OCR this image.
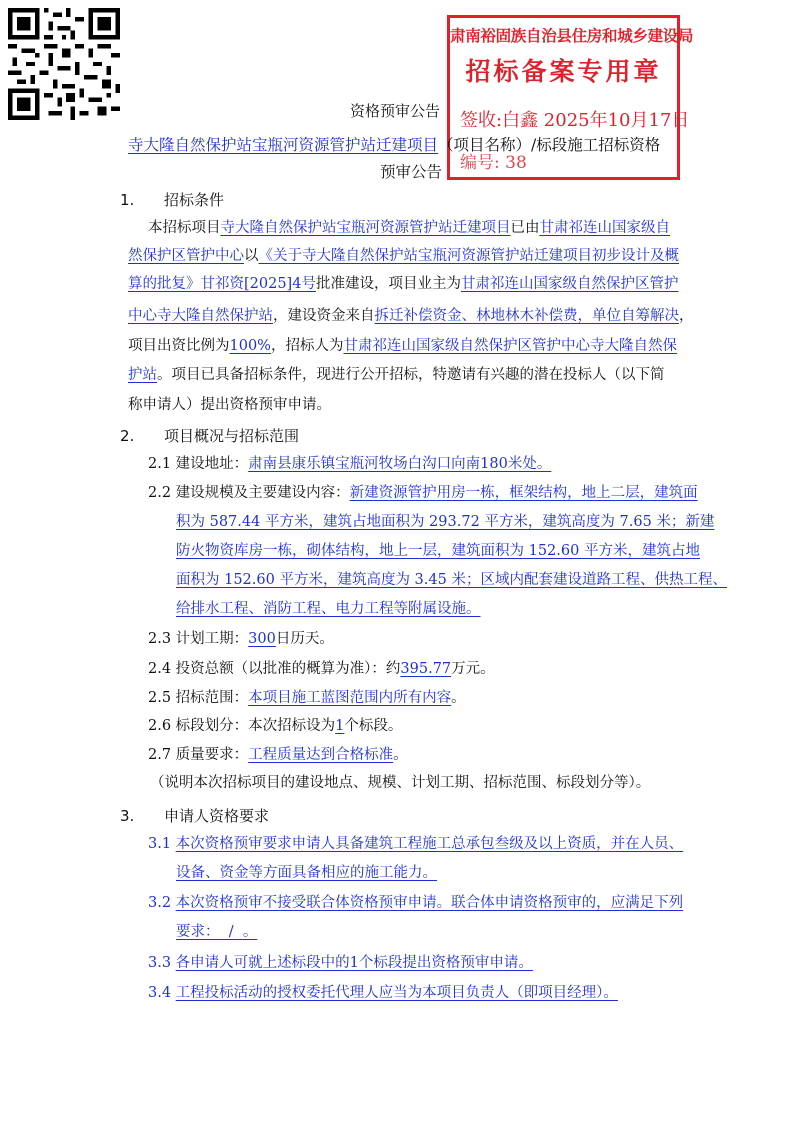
肃南裕固族自治县住房和城乡建设局
招标备案专用章
签收:白鑫 2025年10月17日
编号: 38
资格预审公告
寺大隆自然保护站宝瓶河资源管护站迁建项目（项目名称）/标段施工招标资格
预审公告
1. 招标条件
本招标项目寺大隆自然保护站宝瓶河资源管护站迁建项目已由甘肃祁连山国家级自
然保护区管护中心以《关于寺大隆自然保护站宝瓶河资源管护站迁建项目初步设计及概
算的批复》甘祁资[2025]4号批准建设，项目业主为甘肃祁连山国家级自然保护区管护
中心寺大隆自然保护站，建设资金来自拆迁补偿资金、林地林木补偿费，单位自筹解决，
项目出资比例为100%，招标人为甘肃祁连山国家级自然保护区管护中心寺大隆自然保
护站。项目已具备招标条件，现进行公开招标，特邀请有兴趣的潜在投标人（以下简
称申请人）提出资格预审申请。
2. 项目概况与招标范围
2.1 建设地址：肃南县康乐镇宝瓶河牧场白沟口向南180米处。
2.2 建设规模及主要建设内容：新建资源管护用房一栋，框架结构，地上二层，建筑面
积为 587.44 平方米，建筑占地面积为 293.72 平方米，建筑高度为 7.65 米；新建
防火物资库房一栋，砌体结构，地上一层，建筑面积为 152.60 平方米，建筑占地
面积为 152.60 平方米，建筑高度为 3.45 米；区域内配套建设道路工程、供热工程、
给排水工程、消防工程、电力工程等附属设施。
2.3 计划工期：300日历天。
2.4 投资总额（以批准的概算为准）：约395.77万元。
2.5 招标范围：本项目施工蓝图范围内所有内容。
2.6 标段划分：本次招标设为1个标段。
2.7 质量要求：工程质量达到合格标准。
（说明本次招标项目的建设地点、规模、计划工期、招标范围、标段划分等）。
3. 申请人资格要求
3.1 本次资格预审要求申请人具备建筑工程施工总承包叁级及以上资质，并在人员、
设备、资金等方面具备相应的施工能力。
3.2 本次资格预审不接受联合体资格预审申请。联合体申请资格预审的，应满足下列
要求：  /  。
3.3 各申请人可就上述标段中的1个标段提出资格预审申请。
3.4 工程投标活动的授权委托代理人应当为本项目负责人（即项目经理）。
